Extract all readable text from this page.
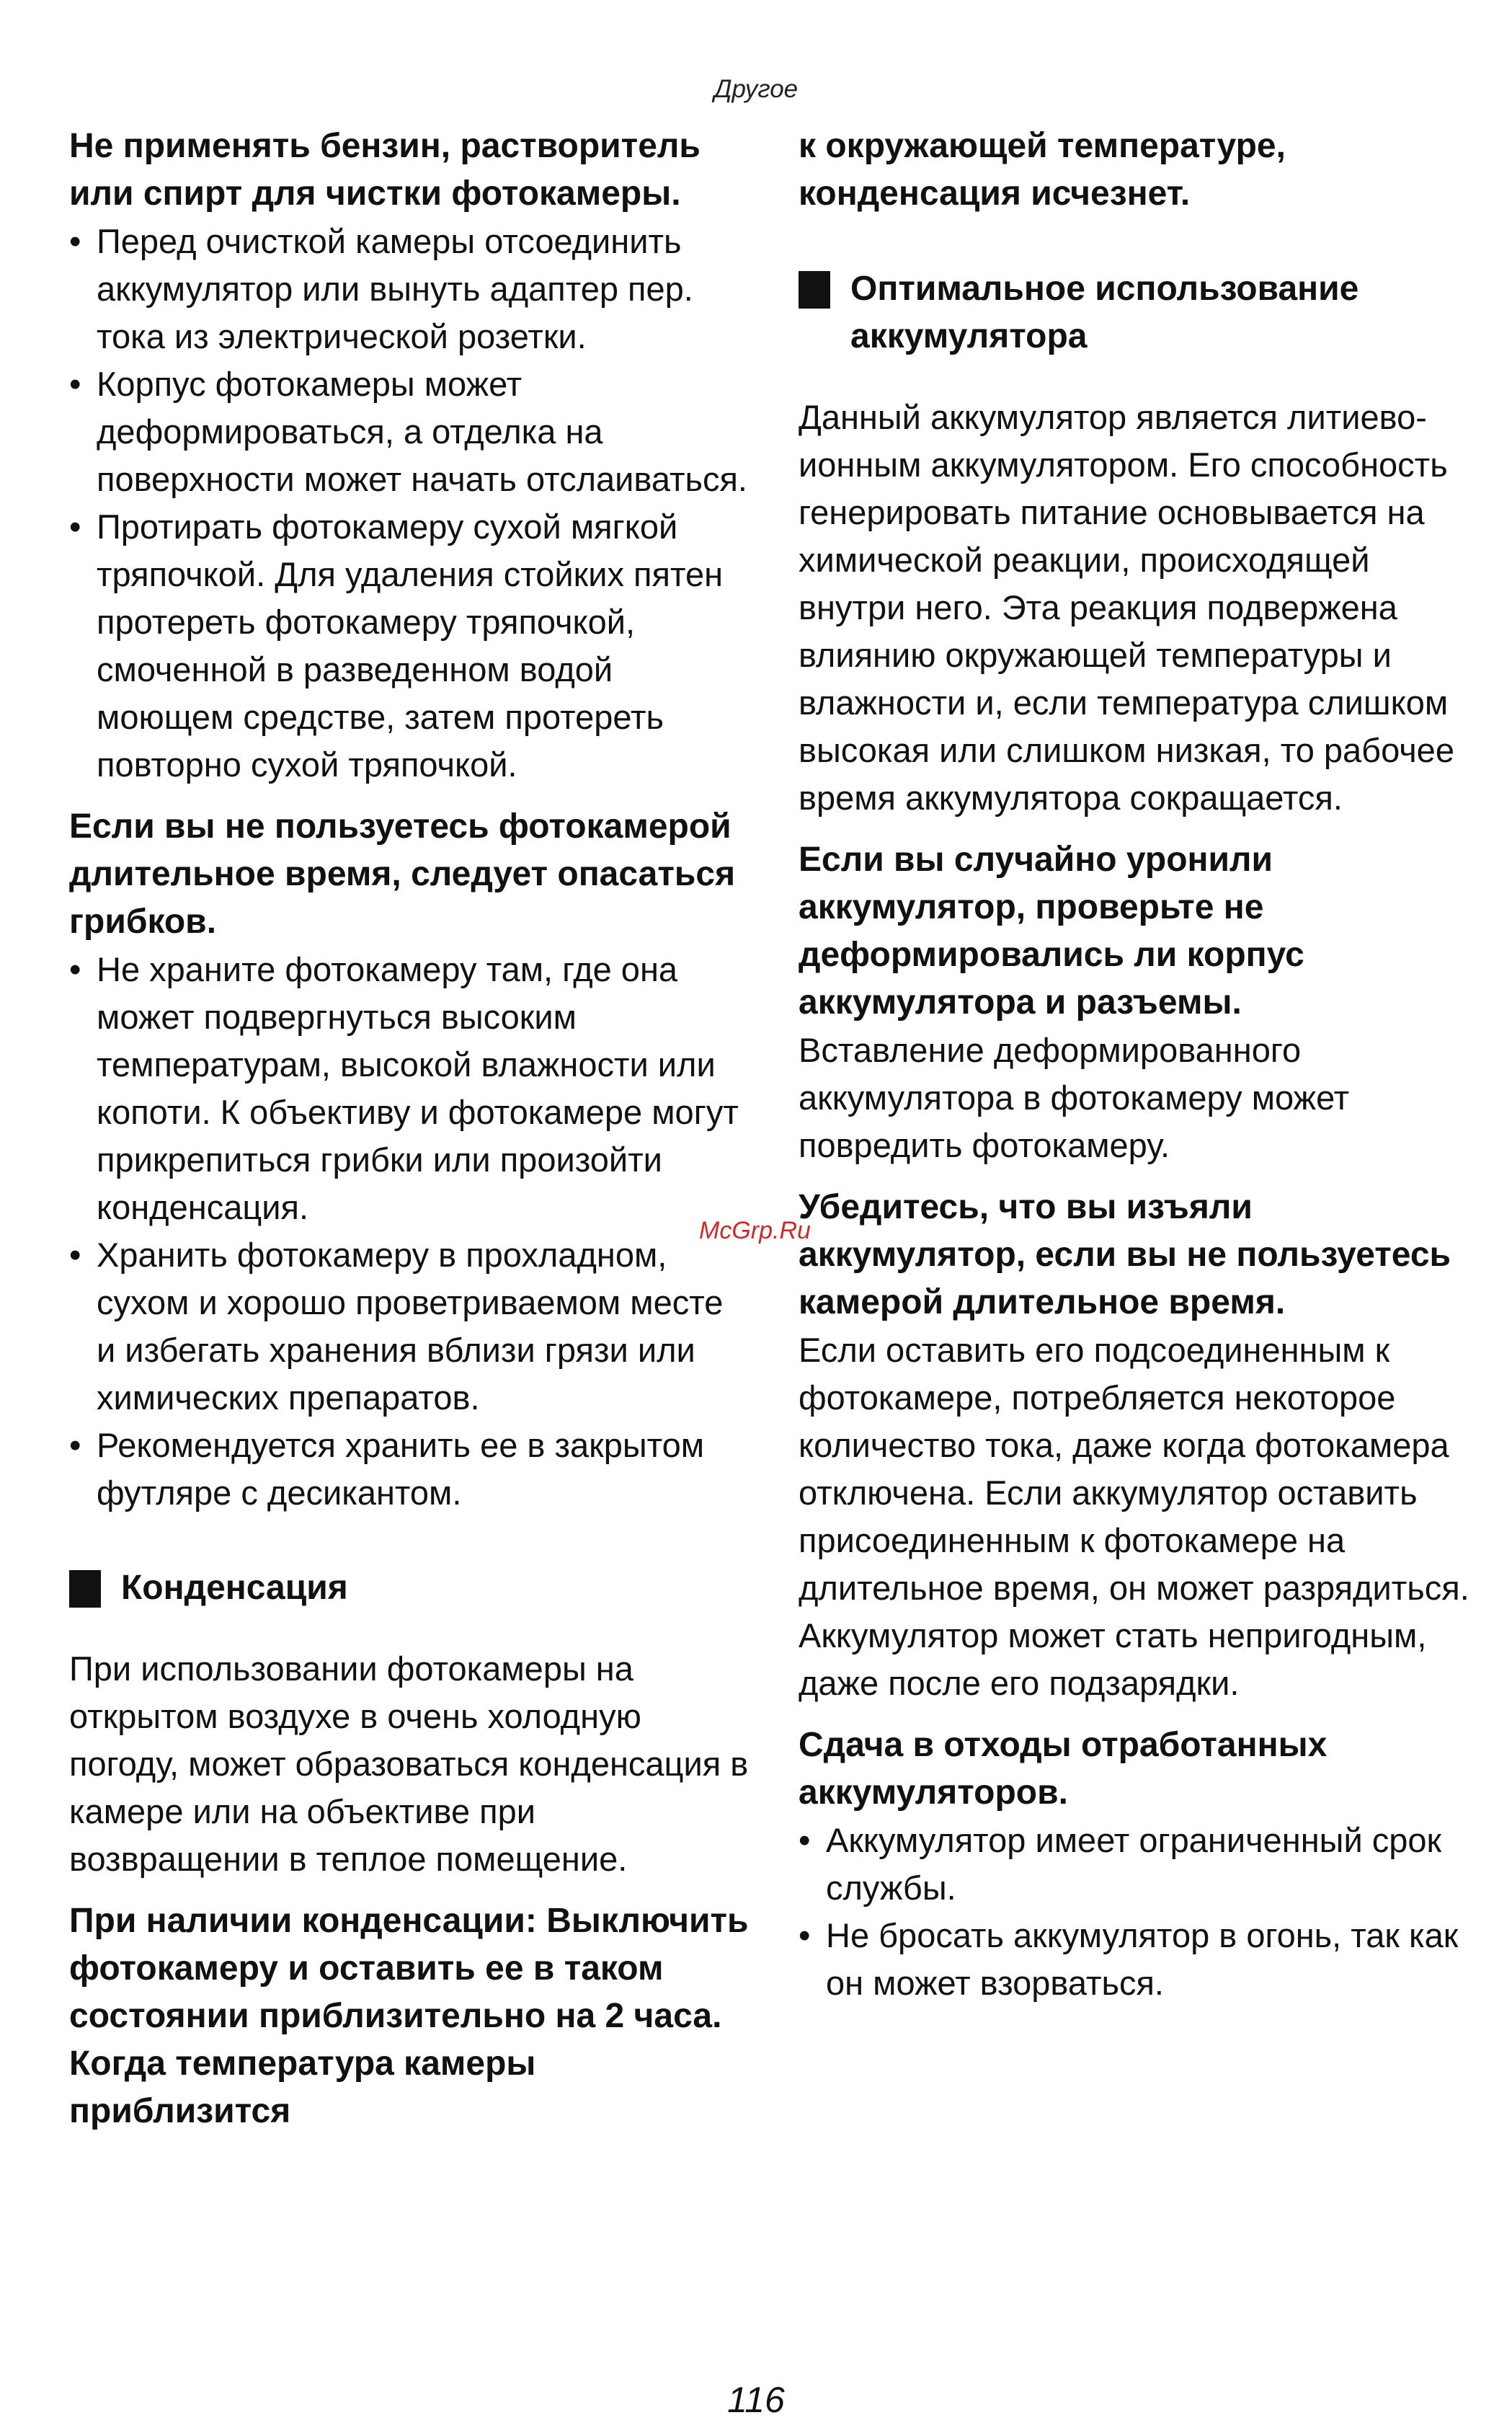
Другое

Не применять бензин, растворитель или спирт для чистки фотокамеры.

• Перед очисткой камеры отсоединить аккумулятор или вынуть адаптер пер. тока из электрической розетки.
• Корпус фотокамеры может деформироваться, а отделка на поверхности может начать отслаиваться.
• Протирать фотокамеру сухой мягкой тряпочкой. Для удаления стойких пятен протереть фотокамеру тряпочкой, смоченной в разведенном водой моющем средстве, затем протереть повторно сухой тряпочкой.

Если вы не пользуетесь фотокамерой длительное время, следует опасаться грибков.

• Не храните фотокамеру там, где она может подвергнуться высоким температурам, высокой влажности или копоти. К объективу и фотокамере могут прикрепиться грибки или произойти конденсация.
• Хранить фотокамеру в прохладном, сухом и хорошо проветриваемом месте и избегать хранения вблизи грязи или химических препаратов.
• Рекомендуется хранить ее в закрытом футляре с десикантом.
Конденсация

При использовании фотокамеры на открытом воздухе в очень холодную погоду, может образоваться конденсация в камере или на объективе при возвращении в теплое помещение.

При наличии конденсации: Выключить фотокамеру и оставить ее в таком состоянии приблизительно на 2 часа. Когда температура камеры приблизится

к окружающей температуре, конденсация исчезнет.

Оптимальное использование аккумулятора

Данный аккумулятор является литиево-ионным аккумулятором. Его способность генерировать питание основывается на химической реакции, происходящей внутри него. Эта реакция подвержена влиянию окружающей температуры и влажности и, если температура слишком высокая или слишком низкая, то рабочее время аккумулятора сокращается.

Если вы случайно уронили аккумулятор, проверьте не деформировались ли корпус аккумулятора и разъемы.

Вставление деформированного аккумулятора в фотокамеру может повредить фотокамеру.

Убедитесь, что вы изъяли аккумулятор, если вы не пользуетесь камерой длительное время.

Если оставить его подсоединенным к фотокамере, потребляется некоторое количество тока, даже когда фотокамера отключена. Если аккумулятор оставить присоединенным к фотокамере на длительное время, он может разрядиться. Аккумулятор может стать непригодным, даже после его подзарядки.

Сдача в отходы отработанных аккумуляторов.

• Аккумулятор имеет ограниченный срок службы.
• Не бросать аккумулятор в огонь, так как он может взорваться.
McGrp.Ru
116
